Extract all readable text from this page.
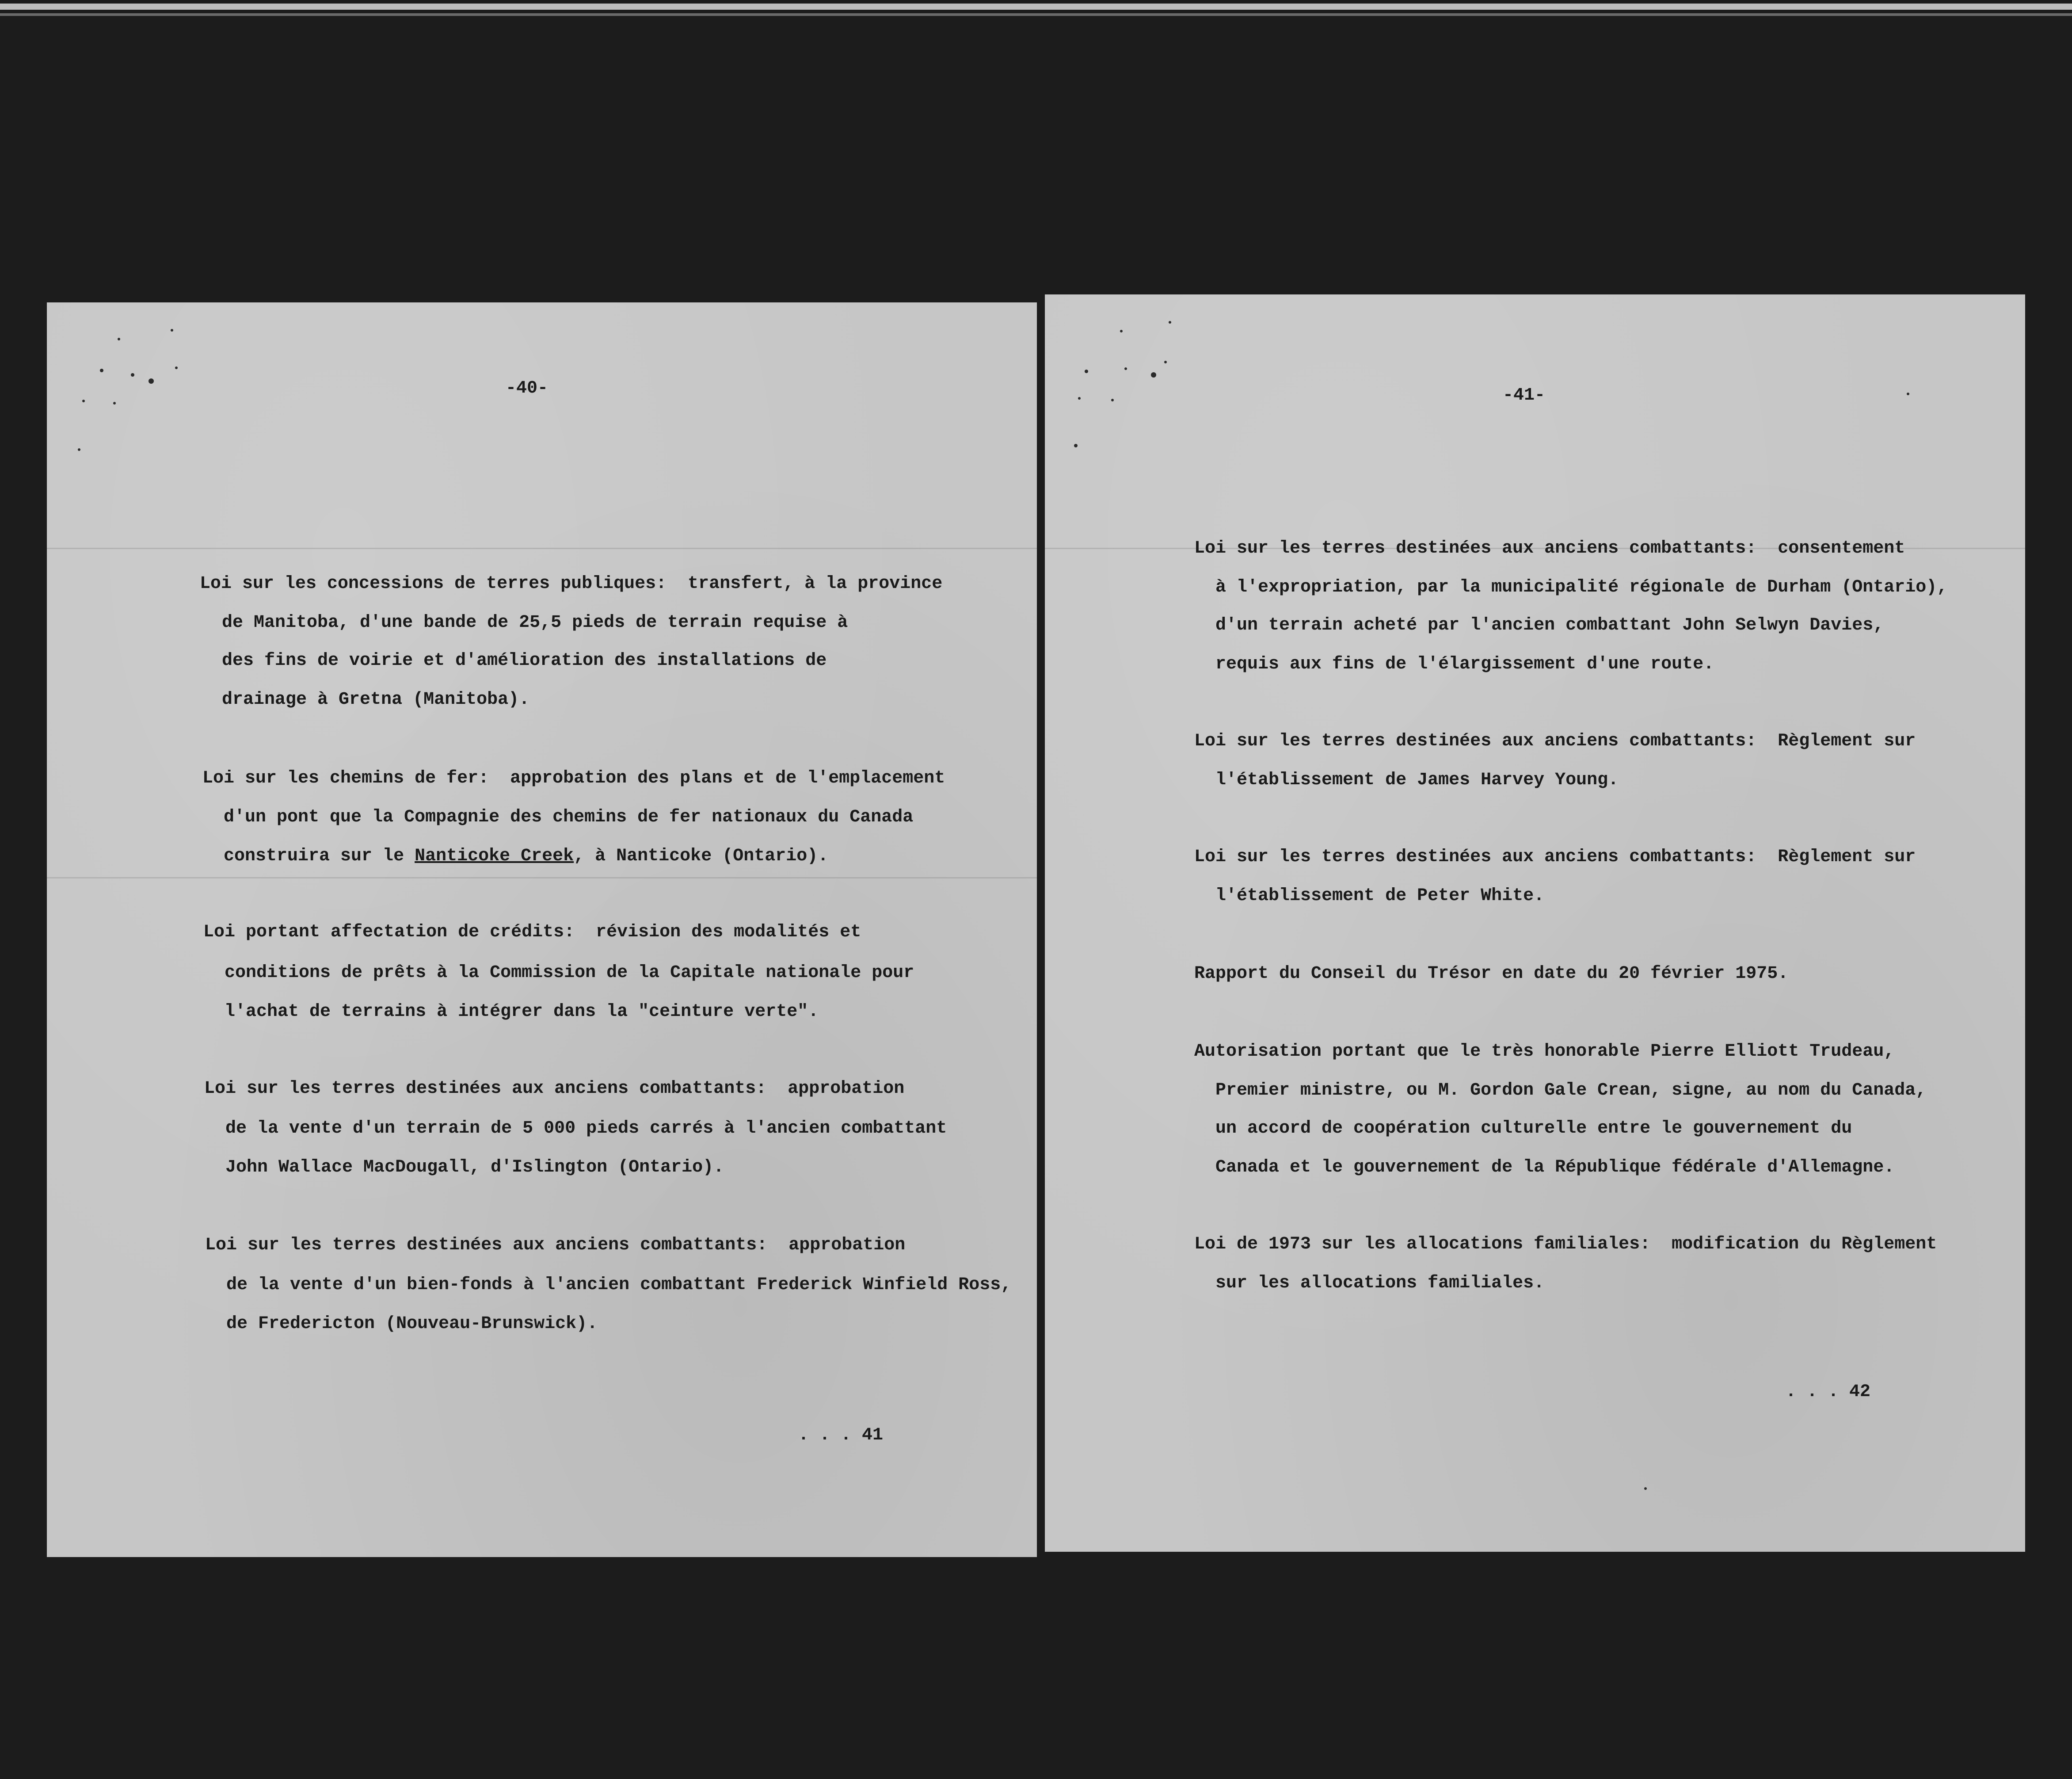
-40-
Loi sur les concessions de terres publiques:  transfert, à la province
de Manitoba, d'une bande de 25,5 pieds de terrain requise à
des fins de voirie et d'amélioration des installations de
drainage à Gretna (Manitoba).
Loi sur les chemins de fer:  approbation des plans et de l'emplacement
d'un pont que la Compagnie des chemins de fer nationaux du Canada
construira sur le Nanticoke Creek, à Nanticoke (Ontario).
Loi portant affectation de crédits:  révision des modalités et
conditions de prêts à la Commission de la Capitale nationale pour
l'achat de terrains à intégrer dans la "ceinture verte".
Loi sur les terres destinées aux anciens combattants:  approbation
de la vente d'un terrain de 5 000 pieds carrés à l'ancien combattant
John Wallace MacDougall, d'Islington (Ontario).
Loi sur les terres destinées aux anciens combattants:  approbation
de la vente d'un bien-fonds à l'ancien combattant Frederick Winfield Ross,
de Fredericton (Nouveau-Brunswick).
. . . 41
-41-
Loi sur les terres destinées aux anciens combattants:  consentement
à l'expropriation, par la municipalité régionale de Durham (Ontario),
d'un terrain acheté par l'ancien combattant John Selwyn Davies,
requis aux fins de l'élargissement d'une route.
Loi sur les terres destinées aux anciens combattants:  Règlement sur
l'établissement de James Harvey Young.
Loi sur les terres destinées aux anciens combattants:  Règlement sur
l'établissement de Peter White.
Rapport du Conseil du Trésor en date du 20 février 1975.
Autorisation portant que le très honorable Pierre Elliott Trudeau,
Premier ministre, ou M. Gordon Gale Crean, signe, au nom du Canada,
un accord de coopération culturelle entre le gouvernement du
Canada et le gouvernement de la République fédérale d'Allemagne.
Loi de 1973 sur les allocations familiales:  modification du Règlement
sur les allocations familiales.
. . . 42
